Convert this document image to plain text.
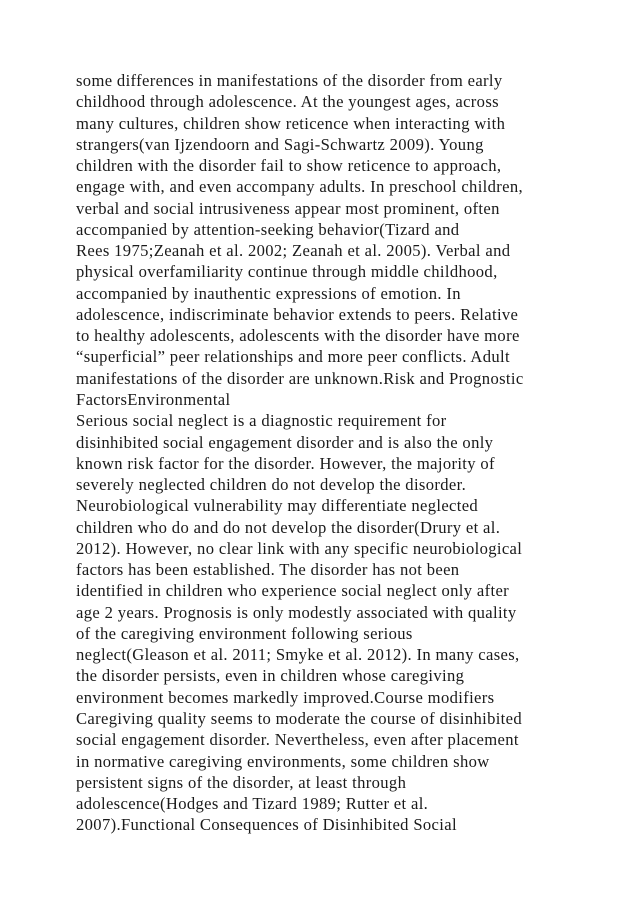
some differences in manifestations of the disorder from early
childhood through adolescence. At the youngest ages, across
many cultures, children show reticence when interacting with
strangers(van Ijzendoorn and Sagi-Schwartz 2009). Young
children with the disorder fail to show reticence to approach,
engage with, and even accompany adults. In preschool children,
verbal and social intrusiveness appear most prominent, often
accompanied by attention-seeking behavior(Tizard and
Rees 1975;Zeanah et al. 2002; Zeanah et al. 2005). Verbal and
physical overfamiliarity continue through middle childhood,
accompanied by inauthentic expressions of emotion. In
adolescence, indiscriminate behavior extends to peers. Relative
to healthy adolescents, adolescents with the disorder have more
“superficial” peer relationships and more peer conflicts. Adult
manifestations of the disorder are unknown.Risk and Prognostic
FactorsEnvironmental
Serious social neglect is a diagnostic requirement for
disinhibited social engagement disorder and is also the only
known risk factor for the disorder. However, the majority of
severely neglected children do not develop the disorder.
Neurobiological vulnerability may differentiate neglected
children who do and do not develop the disorder(Drury et al.
2012). However, no clear link with any specific neurobiological
factors has been established. The disorder has not been
identified in children who experience social neglect only after
age 2 years. Prognosis is only modestly associated with quality
of the caregiving environment following serious
neglect(Gleason et al. 2011; Smyke et al. 2012). In many cases,
the disorder persists, even in children whose caregiving
environment becomes markedly improved.Course modifiers
Caregiving quality seems to moderate the course of disinhibited
social engagement disorder. Nevertheless, even after placement
in normative caregiving environments, some children show
persistent signs of the disorder, at least through
adolescence(Hodges and Tizard 1989; Rutter et al.
2007).Functional Consequences of Disinhibited Social
